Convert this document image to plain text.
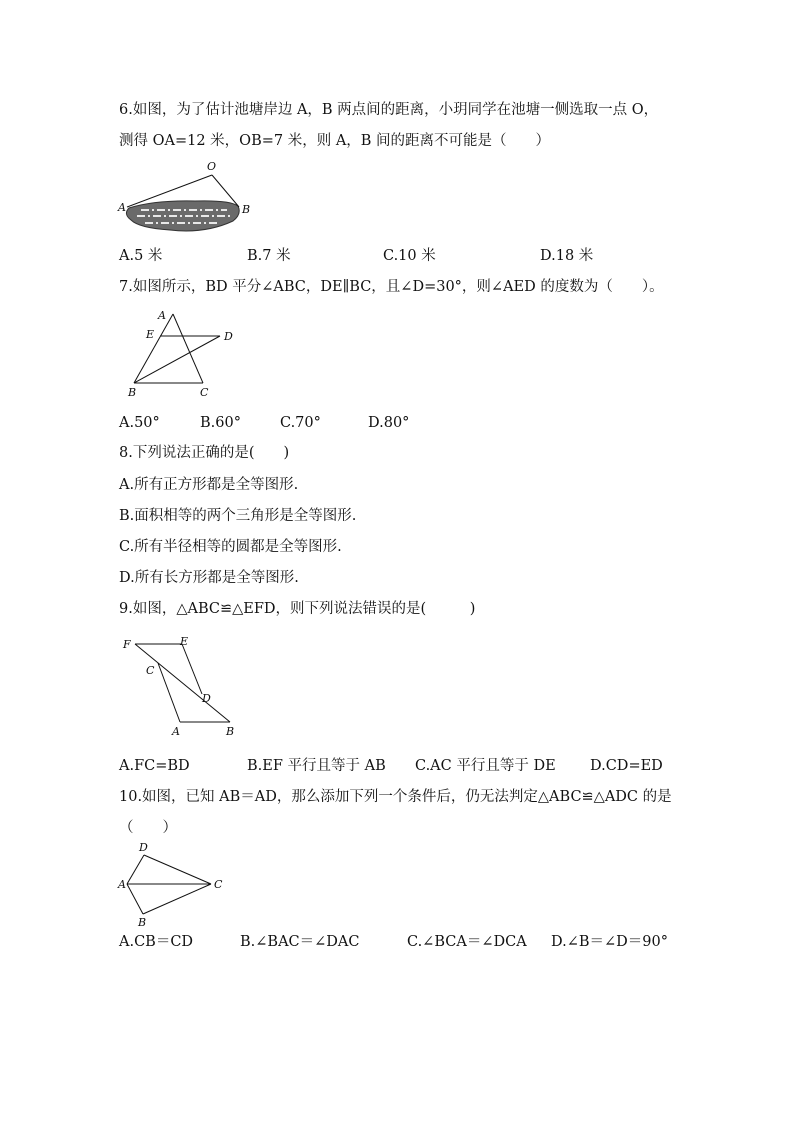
6.如图，为了估计池塘岸边 A，B 两点间的距离，小玥同学在池塘一侧选取一点 O，
测得 OA=12 米，OB=7 米，则 A，B 间的距离不可能是（　　）
O
A	B
A.5 米	B.7 米	C.10 米	D.18 米
7.如图所示，BD 平分∠ABC，DE∥BC，且∠D=30°，则∠AED 的度数为（　　）。
A
E	D
B	C
A.50°	B.60°	C.70°	D.80°
8.下列说法正确的是(　　)
A.所有正方形都是全等图形.
B.面积相等的两个三角形是全等图形.
C.所有半径相等的圆都是全等图形.
D.所有长方形都是全等图形.
9.如图，△ABC≌△EFD，则下列说法错误的是(　　　)
F	E
C
D
A	B
A.FC=BD	B.EF 平行且等于 AB C.AC 平行且等于 DE D.CD=ED
10.如图，已知 AB＝AD，那么添加下列一个条件后，仍无法判定△ABC≌△ADC 的是
（　　）
D
A	C
B
A.CB＝CD	B.∠BAC＝∠DAC	C.∠BCA＝∠DCA D.∠B＝∠D＝90°
